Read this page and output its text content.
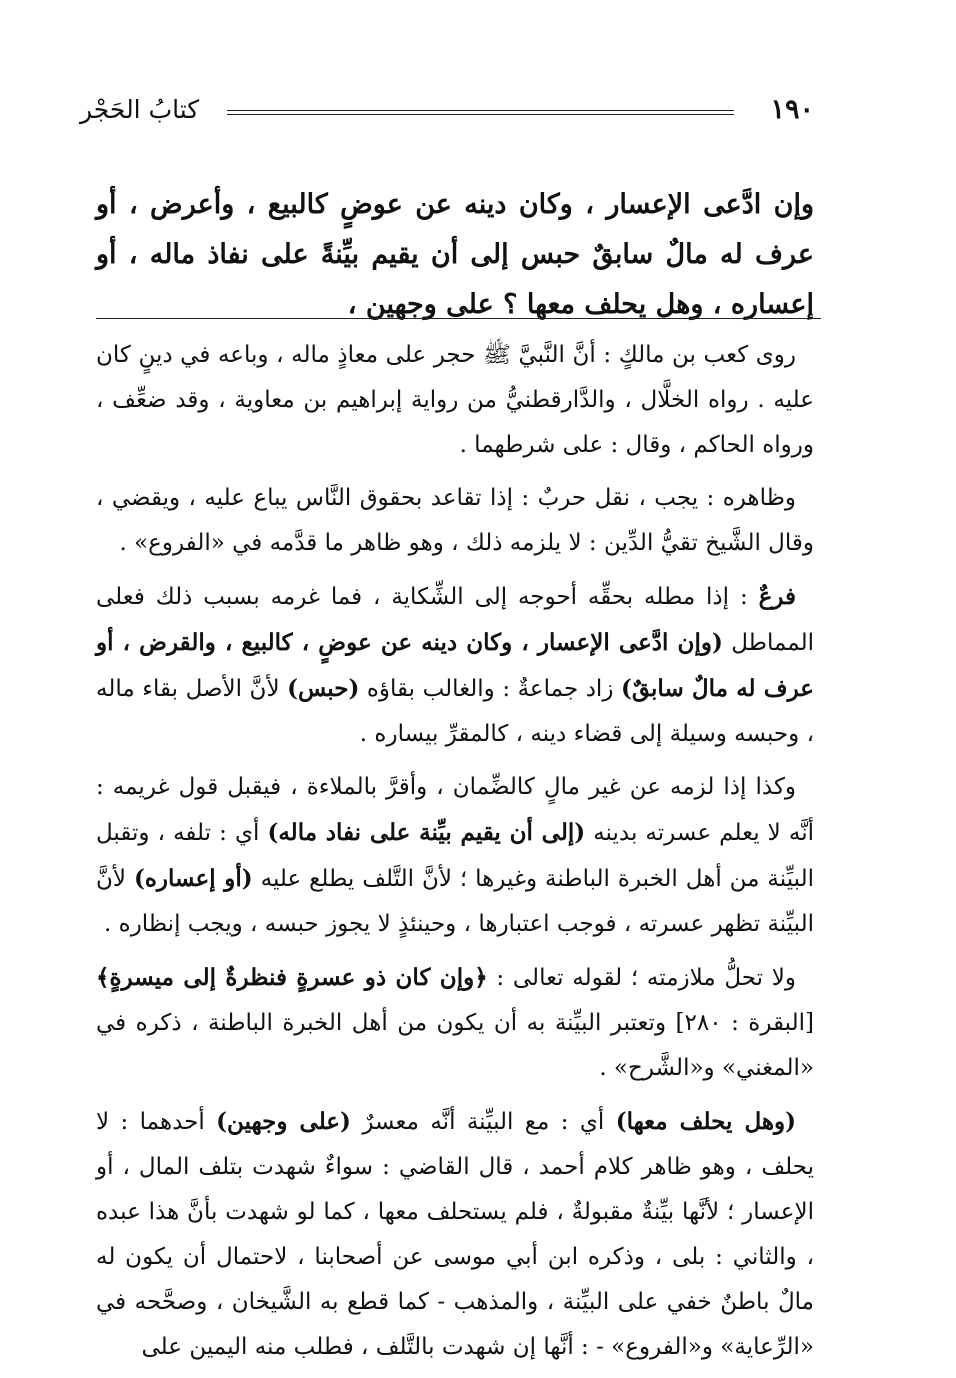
كتابُ الحَجْر	١٩٠
وإن ادَّعى الإعسار ، وكان دينه عن عوضٍ كالبيع ، وأعرض ، أو عرف له مالٌ سابقٌ حبس إلى أن يقيم بيِّنةً على نفاذ ماله ، أو إعساره ، وهل يحلف معها ؟ على وجهين ،

روى كعب بن مالكٍ : أنَّ النَّبيَّ ﷺ حجر على معاذٍ ماله ، وباعه في دينٍ كان عليه . رواه الخلَّال ، والدَّارقطنيُّ من رواية إبراهيم بن معاوية ، وقد ضعِّف ، ورواه الحاكم ، وقال : على شرطهما .

وظاهره : يجب ، نقل حربٌ : إذا تقاعد بحقوق النَّاس يباع عليه ، ويقضي ، وقال الشَّيخ تقيُّ الدِّين : لا يلزمه ذلك ، وهو ظاهر ما قدَّمه في «الفروع» .

فرعٌ : إذا مطله بحقِّه أحوجه إلى الشِّكاية ، فما غرمه بسبب ذلك فعلى المماطل (وإن ادَّعى الإعسار ، وكان دينه عن عوضٍ ، كالبيع ، والقرض ، أو عرف له مالٌ سابقٌ) زاد جماعةٌ : والغالب بقاؤه (حبس) لأنَّ الأصل بقاء ماله ، وحبسه وسيلة إلى قضاء دينه ، كالمقرِّ بيساره .

وكذا إذا لزمه عن غير مالٍ كالضِّمان ، وأقرَّ بالملاءة ، فيقبل قول غريمه : أنَّه لا يعلم عسرته بدينه (إلى أن يقيم بيِّنة على نفاد ماله) أي : تلفه ، وتقبل البيِّنة من أهل الخبرة الباطنة وغيرها ؛ لأنَّ التَّلف يطلع عليه (أو إعساره) لأنَّ البيِّنة تظهر عسرته ، فوجب اعتبارها ، وحينئذٍ لا يجوز حبسه ، ويجب إنظاره .

ولا تحلُّ ملازمته ؛ لقوله تعالى : ﴿وإن كان ذو عسرةٍ فنظرةٌ إلى ميسرةٍ﴾ [البقرة : ٢٨٠] وتعتبر البيِّنة به أن يكون من أهل الخبرة الباطنة ، ذكره في «المغني» و«الشَّرح» .

(وهل يحلف معها) أي : مع البيِّنة أنَّه معسرٌ (على وجهين) أحدهما : لا يحلف ، وهو ظاهر كلام أحمد ، قال القاضي : سواءٌ شهدت بتلف المال ، أو الإعسار ؛ لأنَّها بيِّنةٌ مقبولةٌ ، فلم يستحلف معها ، كما لو شهدت بأنَّ هذا عبده ، والثاني : بلى ، وذكره ابن أبي موسى عن أصحابنا ، لاحتمال أن يكون له مالٌ باطنٌ خفي على البيِّنة ، والمذهب - كما قطع به الشَّيخان ، وصحَّحه في «الرِّعاية» و«الفروع» - : أنَّها إن شهدت بالتَّلف ، فطلب منه اليمين على
